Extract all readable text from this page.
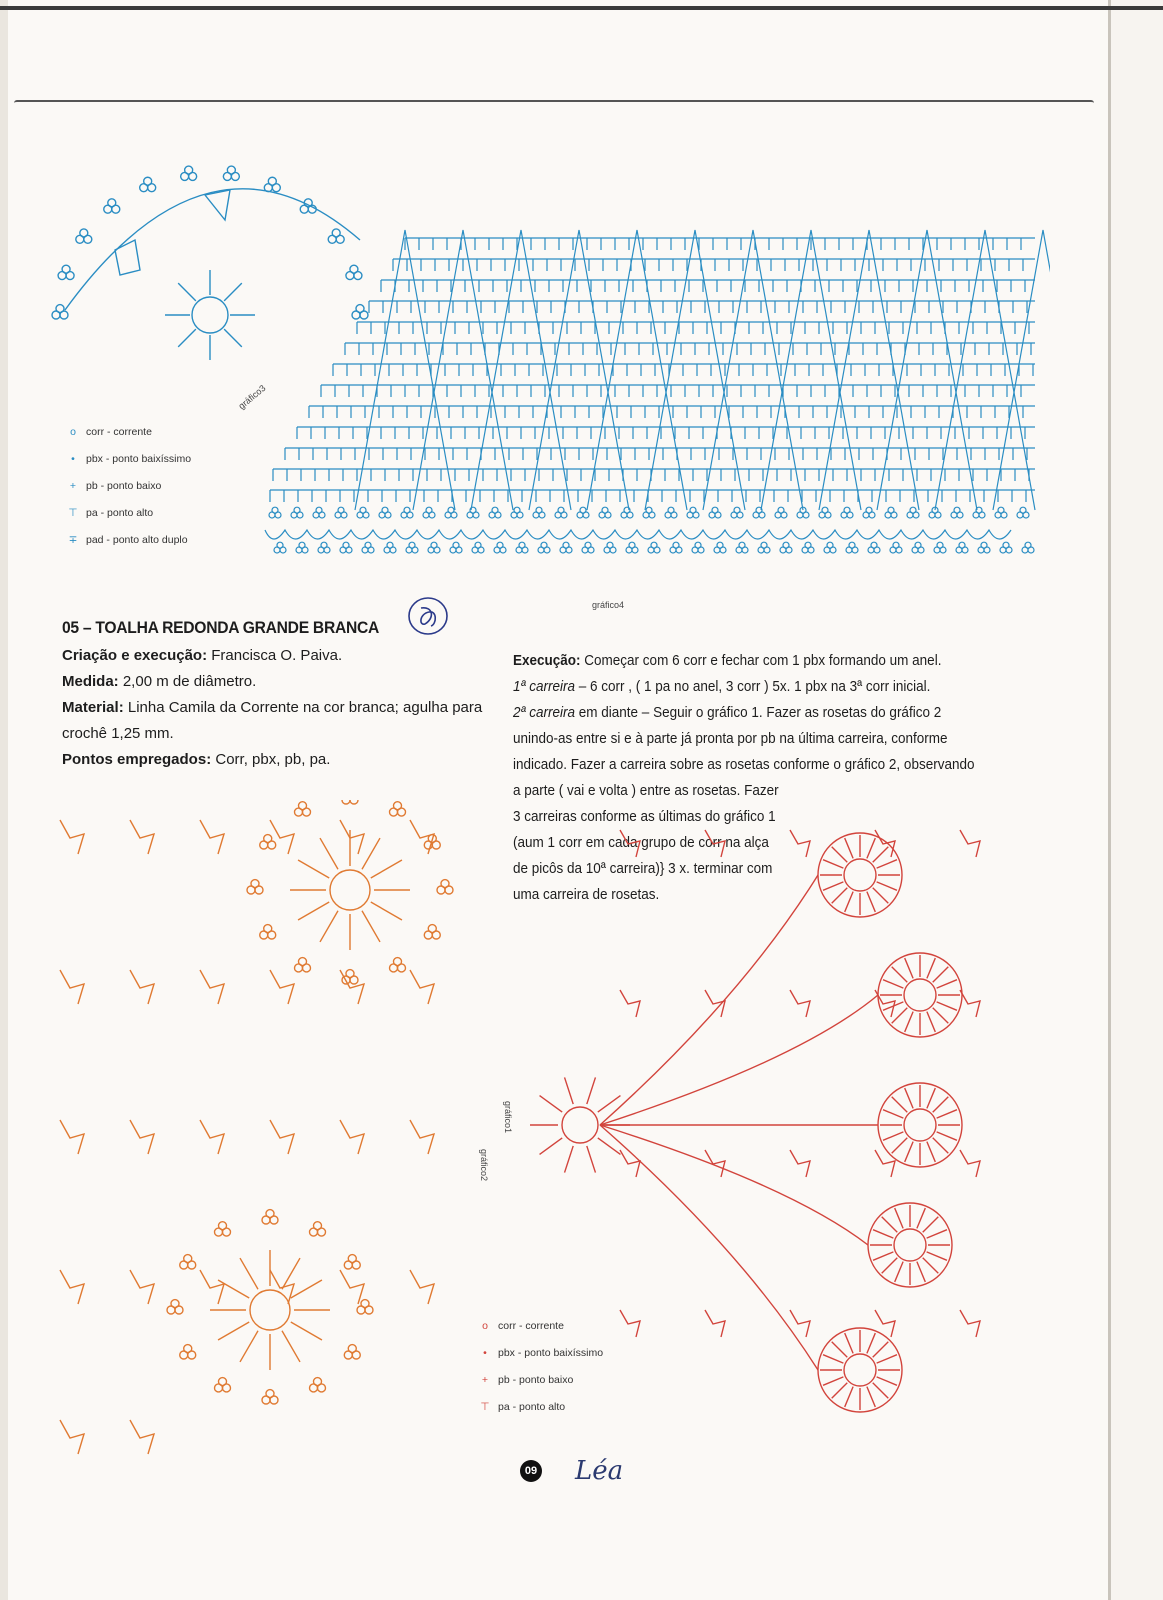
gráfico3
gráfico4
o corr - corrente
•	pbx - ponto baixíssimo
+ pb - ponto baixo
⊤ pa - ponto alto
∓ pad - ponto alto duplo
05 – TOALHA REDONDA GRANDE BRANCA

Criação e execução: Francisca O. Paiva.

Medida: 2,00 m de diâmetro.

Material: Linha Camila da Corrente na cor branca; agulha para crochê 1,25 mm.

Pontos empregados: Corr, pbx, pb, pa.

Execução: Começar com 6 corr e fechar com 1 pbx formando um anel.

1ª carreira – 6 corr , ( 1 pa no anel, 3 corr ) 5x. 1 pbx na 3ª corr inicial.

2ª carreira em diante – Seguir o gráfico 1. Fazer as rosetas do gráfico 2 unindo-as entre si e à parte já pronta por pb na última carreira, conforme indicado. Fazer a carreira sobre as rosetas conforme o gráfico 2, observando a parte ( vai e volta ) entre as rosetas. Fazer

3 carreiras conforme as últimas do gráfico 1 (aum 1 corr em cada grupo de corr na alça de picôs da 10ª carreira)} 3 x. terminar com uma carreira de rosetas.

gráfico2
gráfico1
o corr - corrente
•	pbx - ponto baixíssimo
+ pb - ponto baixo
⊤ pa - ponto alto
09 Léa
